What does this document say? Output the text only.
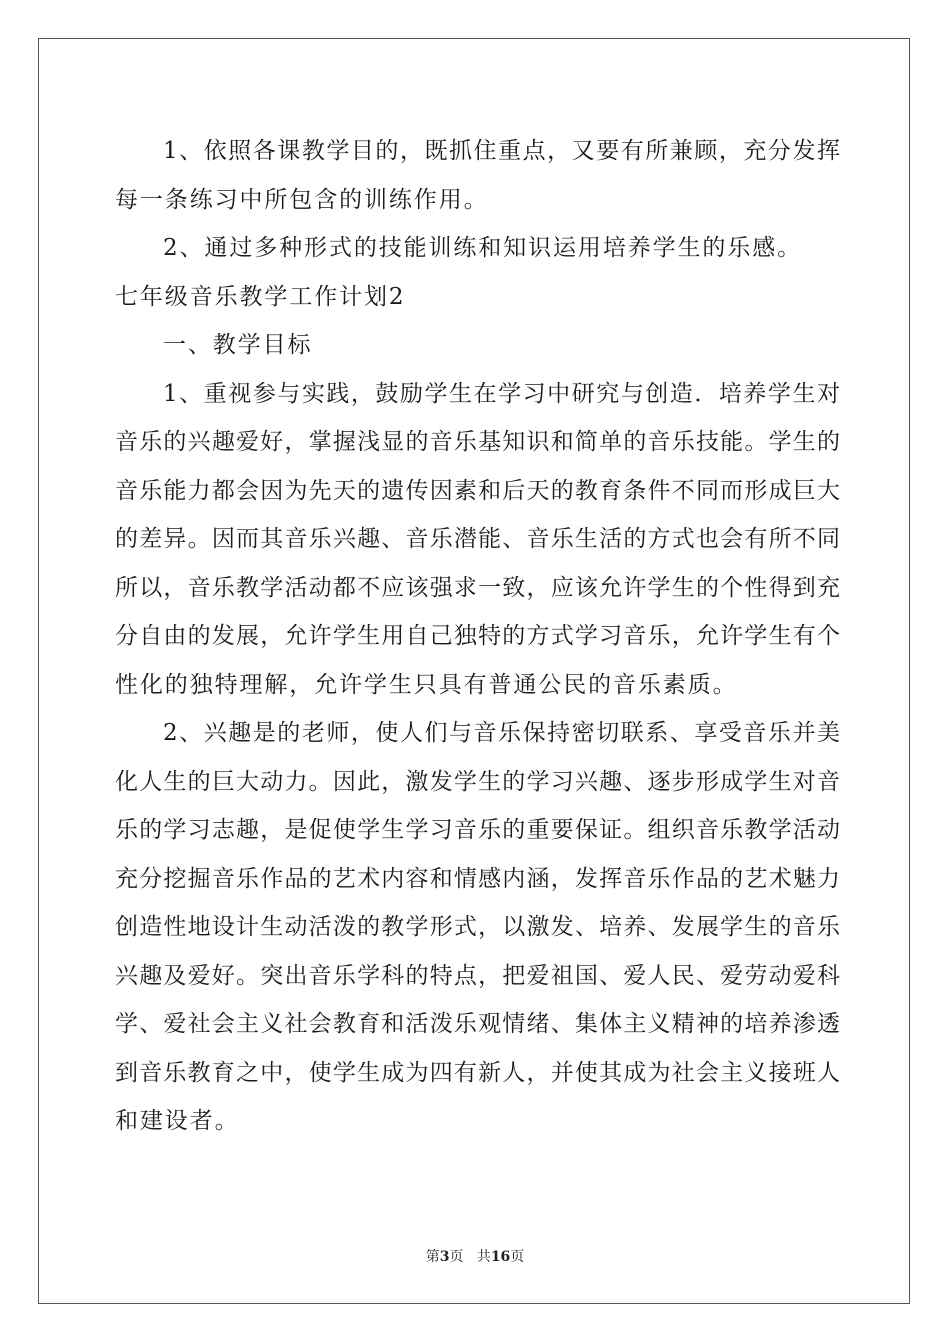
1、依照各课教学目的，既抓住重点，又要有所兼顾，充分发挥
每一条练习中所包含的训练作用。
2、通过多种形式的技能训练和知识运用培养学生的乐感。
七年级音乐教学工作计划2
一、教学目标
1、重视参与实践，鼓励学生在学习中研究与创造．培养学生对
音乐的兴趣爱好，掌握浅显的音乐基知识和简单的音乐技能。学生的
音乐能力都会因为先天的遗传因素和后天的教育条件不同而形成巨大
的差异。因而其音乐兴趣、音乐潜能、音乐生活的方式也会有所不同
所以，音乐教学活动都不应该强求一致，应该允许学生的个性得到充
分自由的发展，允许学生用自己独特的方式学习音乐，允许学生有个
性化的独特理解，允许学生只具有普通公民的音乐素质。
2、兴趣是的老师，使人们与音乐保持密切联系、享受音乐并美
化人生的巨大动力。因此，激发学生的学习兴趣、逐步形成学生对音
乐的学习志趣，是促使学生学习音乐的重要保证。组织音乐教学活动
充分挖掘音乐作品的艺术内容和情感内涵，发挥音乐作品的艺术魅力
创造性地设计生动活泼的教学形式，以激发、培养、发展学生的音乐
兴趣及爱好。突出音乐学科的特点，把爱祖国、爱人民、爱劳动爱科
学、爱社会主义社会教育和活泼乐观情绪、集体主义精神的培养渗透
到音乐教育之中，使学生成为四有新人，并使其成为社会主义接班人
和建设者。
第3页 共16页
